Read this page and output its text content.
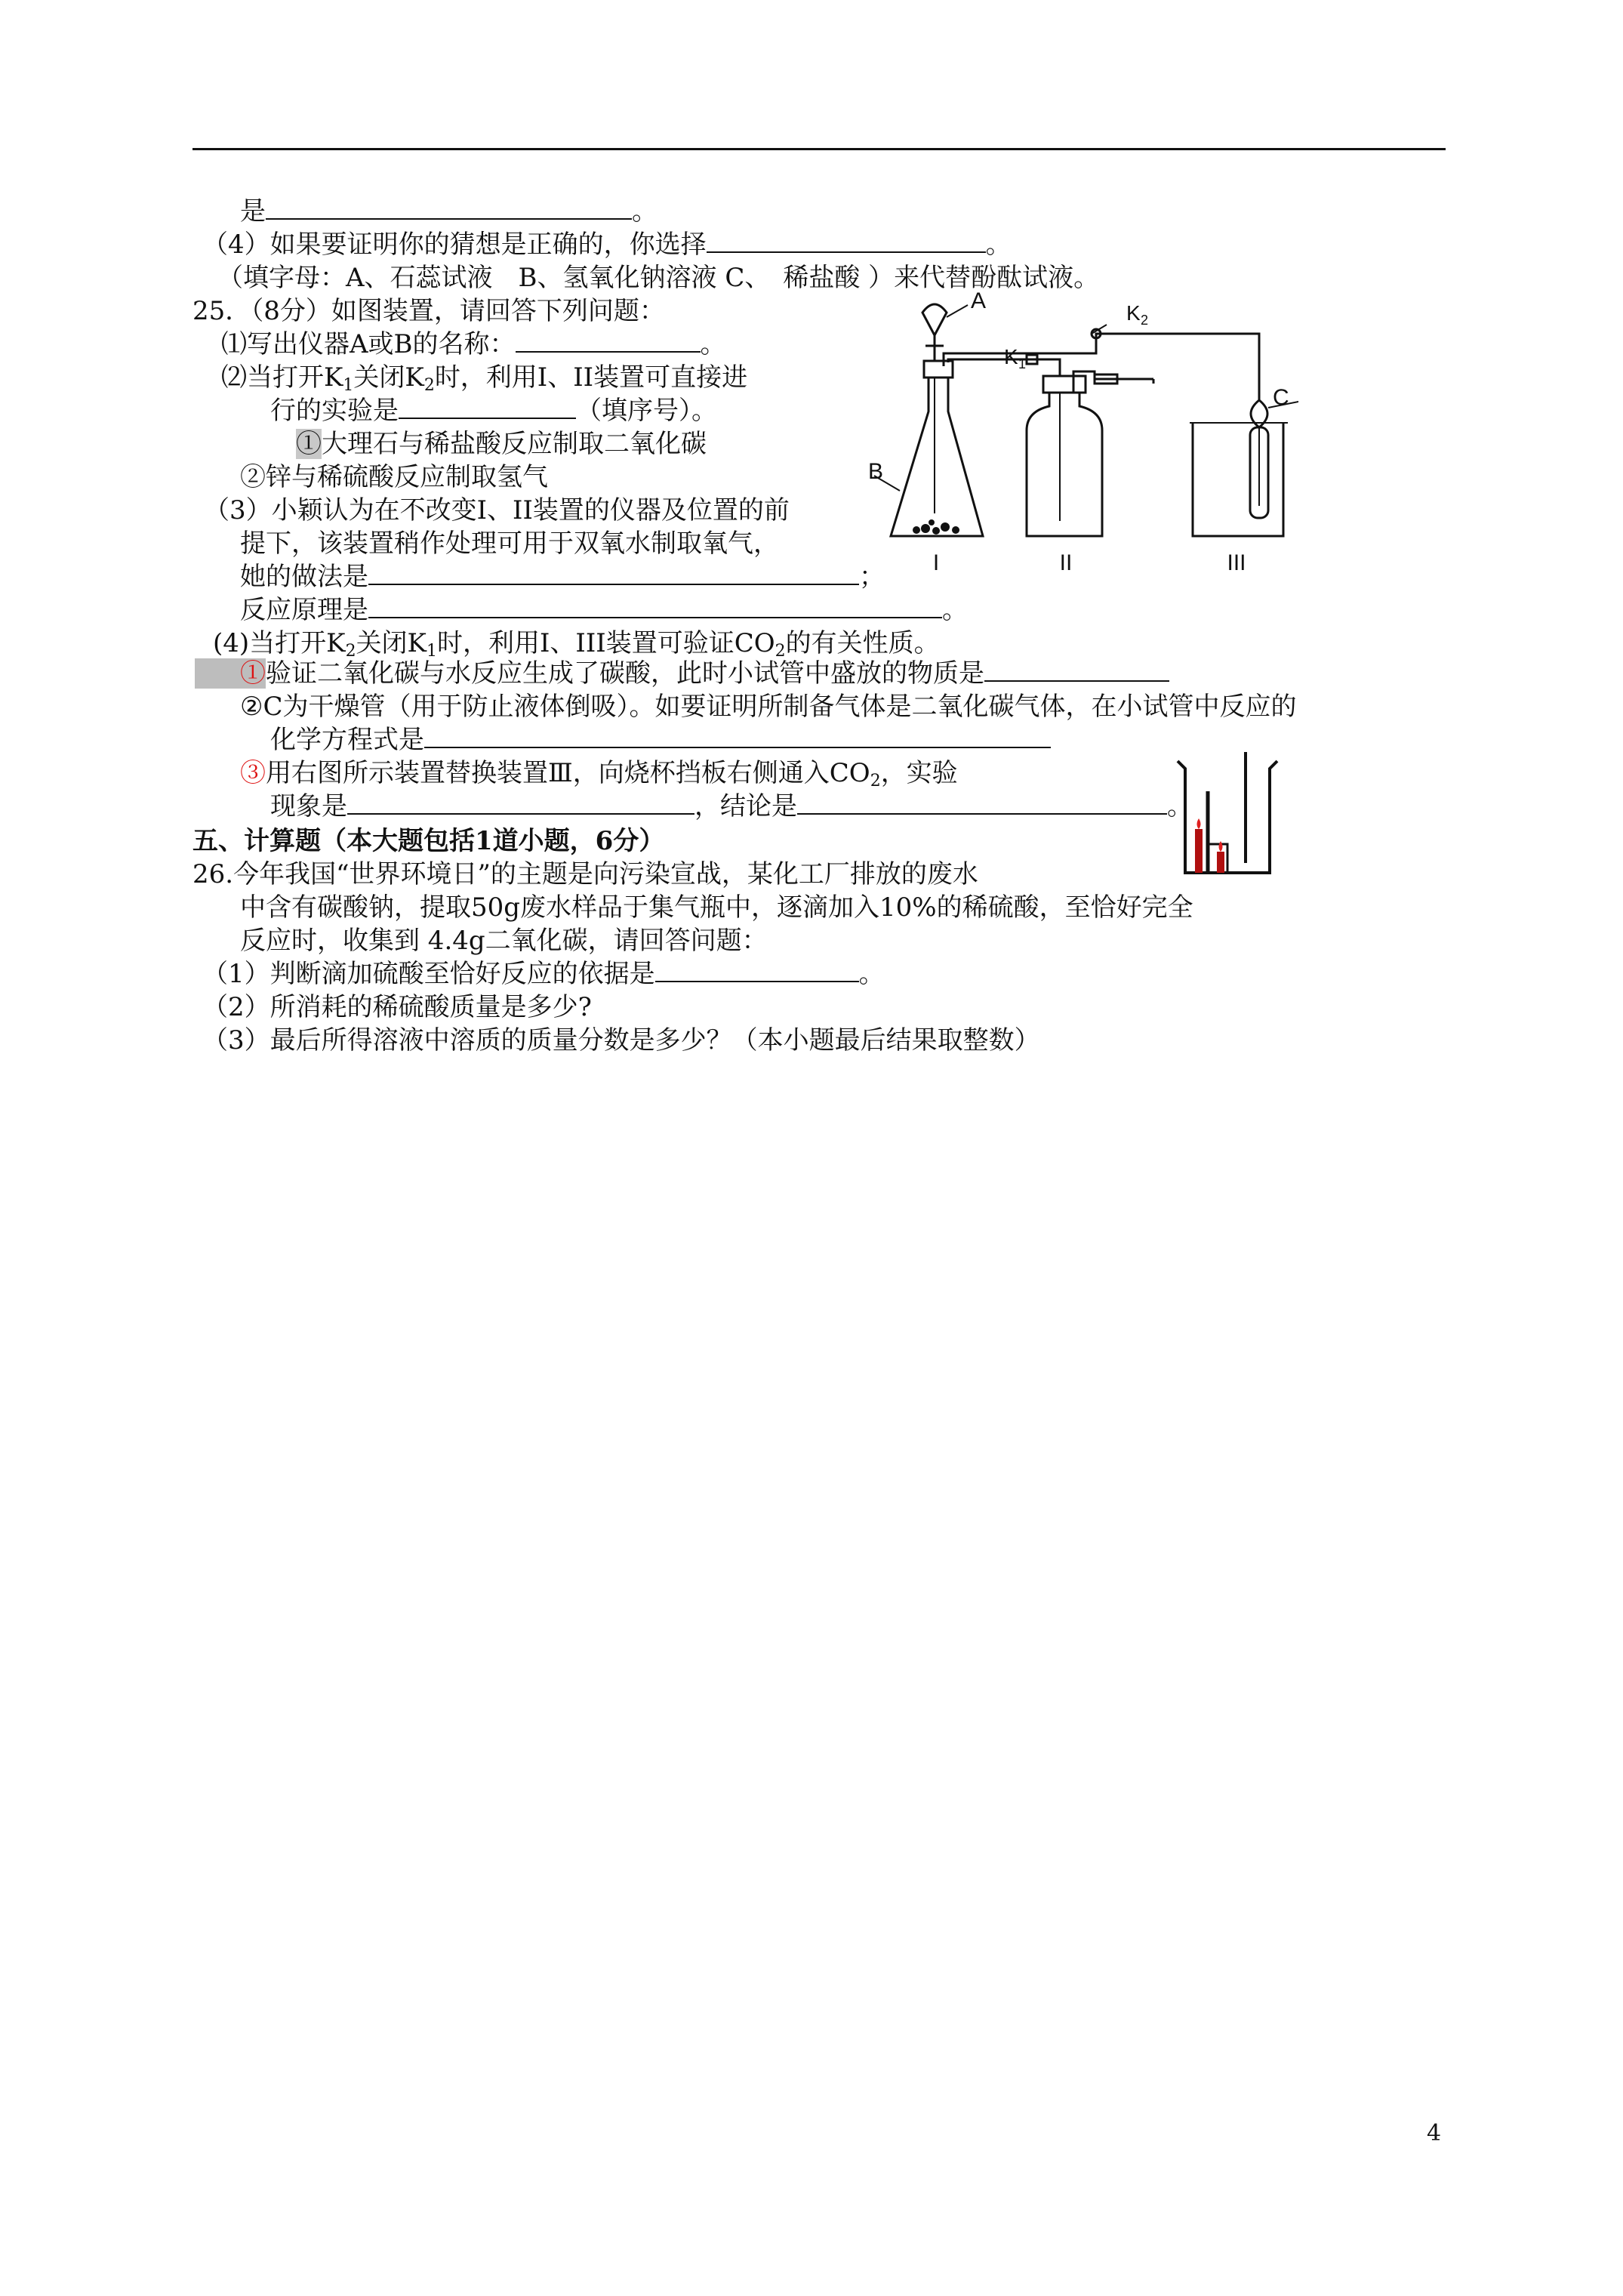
是	。
（4）如果要证明你的猜想是正确的，你选择	。
（填字母：A、石蕊试液　B、氢氧化钠溶液 C、　稀盐酸 ）来代替酚酞试液。
25．（8分）如图装置，请回答下列问题：
⑴写出仪器A或B的名称：	。
⑵当打开$K_1$关闭$K_2$时，利用I、II装置可直接进
行的实验是	（填序号）。
①大理石与稀盐酸反应制取二氧化碳
②锌与稀硫酸反应制取氢气
（3）小颖认为在不改变I、II装置的仪器及位置的前
提下，该装置稍作处理可用于双氧水制取氧气，
她的做法是	；
反应原理是	。
(4)当打开$K_2$关闭$K_1$时，利用I、III装置可验证$CO_2$的有关性质。
①验证二氧化碳与水反应生成了碳酸，此时小试管中盛放的物质是
②C为干燥管（用于防止液体倒吸）。如要证明所制备气体是二氧化碳气体，在小试管中反应的
化学方程式是
③用右图所示装置替换装置Ⅲ，向烧杯挡板右侧通入$CO_2$，实验
现象是	，结论是	。
五、计算题（本大题包括1道小题，6分）
26.今年我国“世界环境日”的主题是向污染宣战，某化工厂排放的废水
中含有碳酸钠，提取50g废水样品于集气瓶中，逐滴加入10%的稀硫酸，至恰好完全
反应时，收集到 4.4g二氧化碳，请回答问题：
（1）判断滴加硫酸至恰好反应的依据是	。
（2）所消耗的稀硫酸质量是多少?
（3）最后所得溶液中溶质的质量分数是多少？（本小题最后结果取整数）
A
B
C
K 1
K 2
I	II	III
4
